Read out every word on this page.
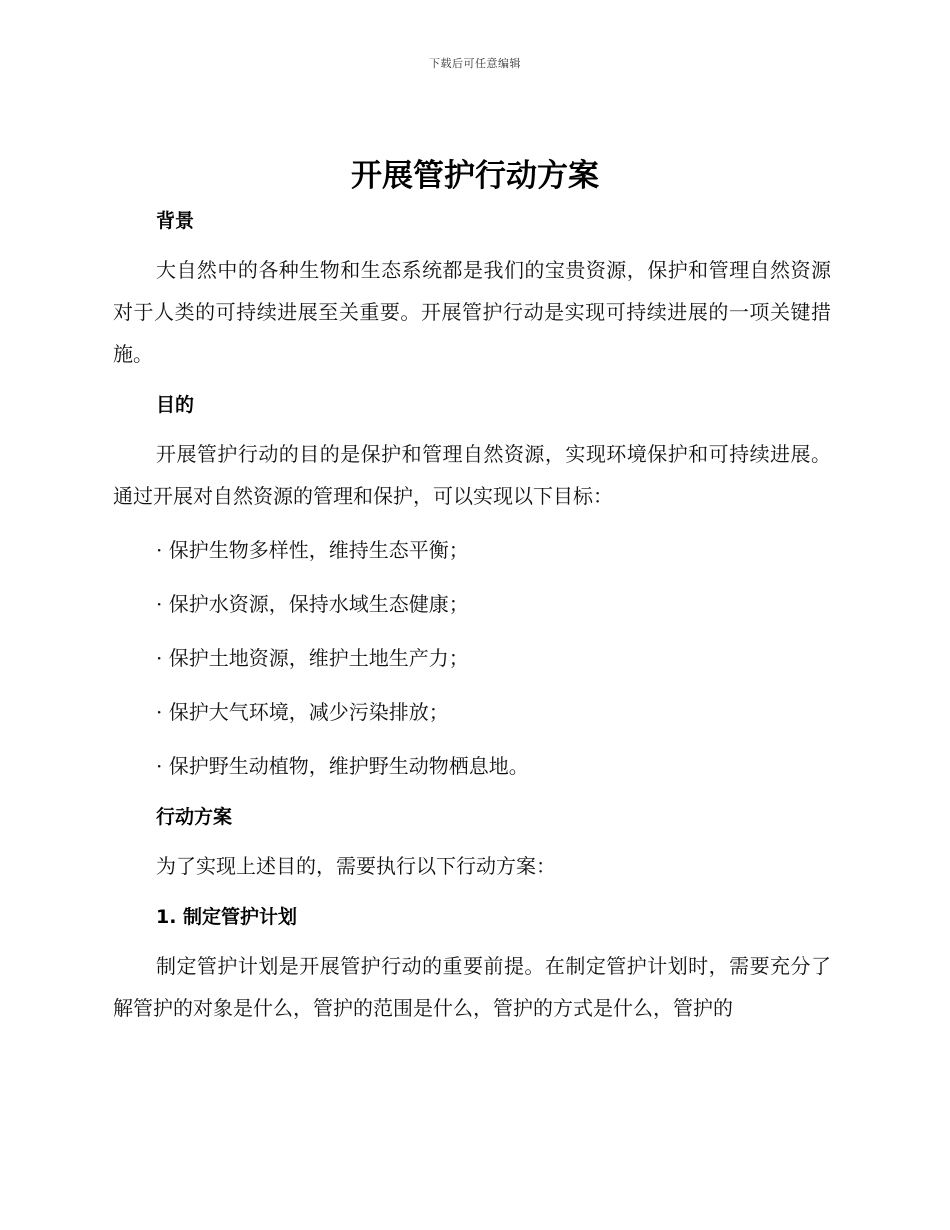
下载后可任意编辑
开展管护行动方案
背景

大自然中的各种生物和生态系统都是我们的宝贵资源，保护和管理自然资源对于人类的可持续进展至关重要。开展管护行动是实现可持续进展的一项关键措施。

目的

开展管护行动的目的是保护和管理自然资源，实现环境保护和可持续进展。通过开展对自然资源的管理和保护，可以实现以下目标：

· 保护生物多样性，维持生态平衡；

· 保护水资源，保持水域生态健康；

· 保护土地资源，维护土地生产力；

· 保护大气环境，减少污染排放；

· 保护野生动植物，维护野生动物栖息地。

行动方案

为了实现上述目的，需要执行以下行动方案：

1. 制定管护计划

制定管护计划是开展管护行动的重要前提。在制定管护计划时，需要充分了解管护的对象是什么，管护的范围是什么，管护的方式是什么，管护的
